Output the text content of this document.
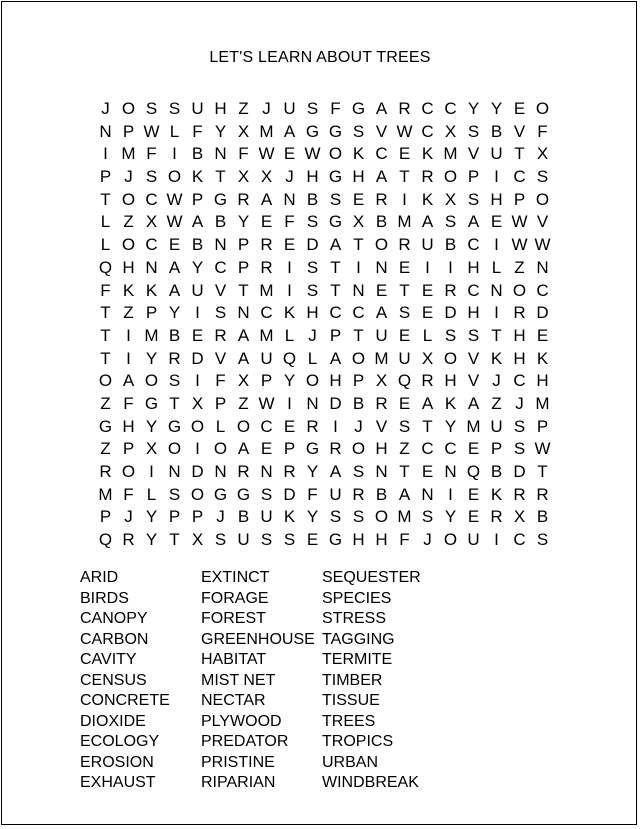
LET'S LEARN ABOUT TREES
J O S S U H Z J U S F G A R C C Y Y E O
N P W L F Y X M A G G S V W C X S B V F
I M F I B N F W E W O K C E K M V U T X
P J S O K T X X J H G H A T R O P I C S
T O C W P G R A N B S E R I K X S H P O
L Z X W A B Y E F S G X B M A S A E W V
L O C E B N P R E D A T O R U B C I W W
Q H N A Y C P R I S T I N E I	I H L Z N
F K K A U V T M I S T N E T E R C N O C
T Z P Y I S N C K H C C A S E D H I R D
T I M B E R A M L J P T U E L S S T H E
T I Y R D V A U Q L A O M U X O V K H K
O A O S I F X P Y O H P X Q R H V J C H
Z F G T X P Z W I N D B R E A K A Z J M
G H Y G O L O C E R I J V S T Y M U S P
Z P X O I O A E P G R O H Z C C E P S W
R O I N D N R N R Y A S N T E N Q B D T
M F L S O G G S D F U R B A N I E K R R
P J Y P P J B U K Y S S O M S Y E R X B
Q R Y T X S U S S E G H H F J O U I C S
ARID
BIRDS
CANOPY
CARBON
CAVITY
CENSUS
CONCRETE
DIOXIDE
ECOLOGY
EROSION
EXHAUST
EXTINCT
FORAGE
FOREST
GREENHOUSE
HABITAT
MIST NET
NECTAR
PLYWOOD
PREDATOR
PRISTINE
RIPARIAN
SEQUESTER
SPECIES
STRESS
TAGGING
TERMITE
TIMBER
TISSUE
TREES
TROPICS
URBAN
WINDBREAK
